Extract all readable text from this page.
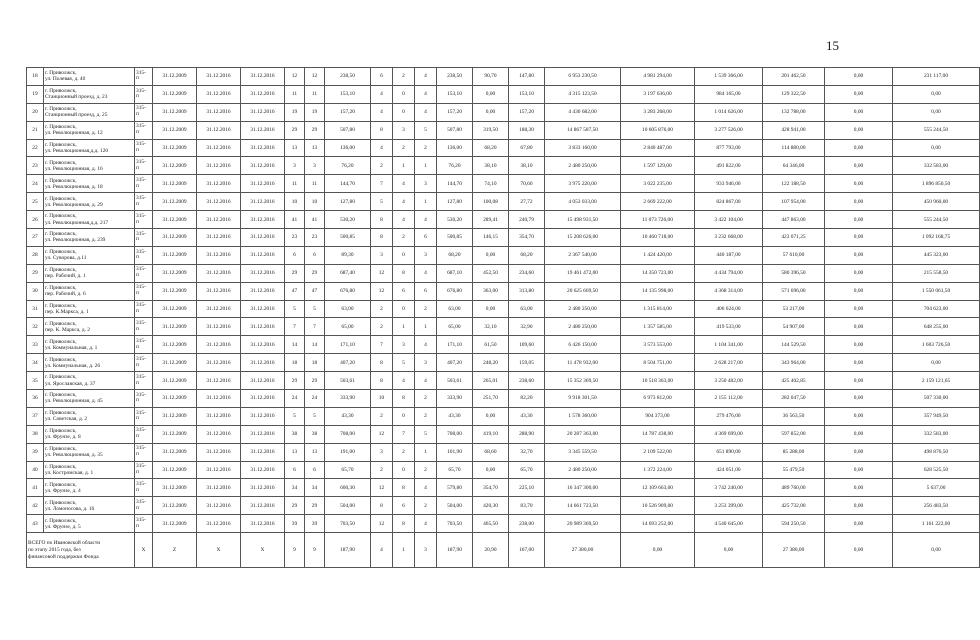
15
18	г. Приволжск,
ул. Полевая, д. 40	315-
п	31.12.2009	31.12.2016	31.12.2016	12	12	238,50	6	2	4	238,50	90,70	147,80	6 953 230,50	4 981 294,00	1 539 366,00	201 462,50	0,00	231 117,00
19	г. Приволжск,
Станционный проезд, д. 23	315-
п	31.12.2009	31.12.2016	31.12.2016	11	11	153,10	4	0	4	153,10	0,00	153,10	4 315 123,50	3 197 636,00	984 165,00	129 322,50	0,00	0,00
20	г. Приволжск,
Станционный проезд, д. 25	315-
п	31.12.2009	31.12.2016	31.12.2016	19	19	157,20	4	0	4	157,20	0,00	157,20	4 430 682,00	3 283 268,00	1 014 626,00	132 788,00	0,00	0,00
21	г. Приволжск,
ул. Революционная, д. 12	315-
п	31.12.2009	31.12.2016	31.12.2016	29	29	507,80	8	3	5	507,80	319,50	188,30	14 867 587,50	10 605 876,00	3 277 526,00	428 941,00	0,00	555 244,50
22	г. Приволжск,
ул. Революционная,д.д. 120	315-
п	31.12.2009	31.12.2016	31.12.2016	13	13	136,00	4	2	2	136,00	68,20	67,80	3 833 160,00	2 840 487,00	877 793,00	114 880,00	0,00	0,00
23	г. Приволжск,
ул. Революционная, д. 16	315-
п	31.12.2009	31.12.2016	31.12.2016	3	3	76,20	2	1	1	76,20	38,10	38,10	2 480 250,00	1 597 129,00	491 822,00	64 346,00	0,00	332 583,00
24	г. Приволжск,
ул. Революционная, д. 18	315-
п	31.12.2009	31.12.2016	31.12.2016	11	11	144,70	7	4	3	144,70	74,10	70,60	3 975 220,00	3 022 235,00	933 946,00	122 188,50	0,00	1 896 850,50
25	г. Приволжск,
ул. Революционная, д. 29	315-
п	31.12.2009	31.12.2016	31.12.2016	10	10	127,80	5	4	1	127,80	100,08	27,72	4 053 033,00	2 669 222,00	824 867,00	107 954,00	0,00	450 960,00
26	г. Приволжск,
ул. Революционная,д.д. 217	315-
п	31.12.2009	31.12.2016	31.12.2016	41	41	530,20	8	4	4	530,20	289,41	240,79	15 498 931,50	11 073 726,00	3 422 104,00	447 863,00	0,00	555 244,50
27	г. Приволжск,
ул. Революционная, д. 239	315-
п	31.12.2009	31.12.2016	31.12.2016	23	23	500,85	8	2	6	500,85	146,15	354,70	15 208 626,00	10 460 718,00	3 232 668,00	423 071,25	0,00	1 092 168,75
28	г. Приволжск,
ул. Суворова, д.11	315-
п	31.12.2009	31.12.2016	31.12.2016	6	6	89,30	3	0	3	68,20	0,00	68,20	2 367 540,00	1 424 420,00	440 187,00	57 610,00	0,00	445 323,00
29	г. Приволжск,
пер. Рабочий, д. 1	315-
п	31.12.2009	31.12.2016	31.12.2016	29	29	687,40	12	8	4	687,10	452,50	234,60	19 461 472,00	14 350 723,00	4 434 794,00	580 396,50	0,00	215 558,50
30	г. Приволжск,
пер. Рабочий, д. 6	315-
п	31.12.2009	31.12.2016	31.12.2016	47	47	676,80	12	6	6	676,80	363,00	313,80	20 625 669,50	14 135 998,00	4 368 314,00	571 696,00	0,00	1 550 061,50
31	г. Приволжск,
пер. К.Маркса, д. 1	315-
п	31.12.2009	31.12.2016	31.12.2016	5	5	63,00	2	0	2	63,00	0,00	63,00	2 480 250,00	1 315 814,00	406 624,00	53 217,00	0,00	704 623,00
32	г. Приволжск,
пер. К. Маркса, д. 2	315-
п	31.12.2009	31.12.2016	31.12.2016	7	7	65,00	2	1	1	65,00	32,10	32,90	2 480 250,00	1 357 585,00	419 533,00	54 907,00	0,00	648 255,00
33	г. Приволжск,
ул. Коммунальная, д. 1	315-
п	31.12.2009	31.12.2016	31.12.2016	14	14	171,10	7	3	4	171,10	61,50	109,60	6 426 150,00	3 573 553,00	1 104 341,00	144 529,50	0,00	1 603 726,50
34	г. Приволжск,
ул. Коммунальная, д. 26	315-
п	31.12.2009	31.12.2016	31.12.2016	18	18	407,20	8	5	3	407,20	248,20	159,05	11 478 932,00	8 504 751,00	2 628 217,00	343 964,00	0,00	0,00
35	г. Приволжск,
ул. Ярославская, д. 37	315-
п	31.12.2009	31.12.2016	31.12.2016	29	29	503,61	8	4	4	503,61	265,01	238,60	15 352 369,50	10 518 363,00	3 250 482,00	425 402,85	0,00	2 159 121,65
36	г. Приволжск,
ул. Революционная, д. 45	315-
п	31.12.2009	31.12.2016	31.12.2016	24	24	333,90	10	8	2	333,90	251,70	82,20	9 918 301,50	6 973 812,00	2 155 112,00	282 047,50	0,00	507 330,00
37	г. Приволжск,
ул. Советская, д. 2	315-
п	31.12.2009	31.12.2016	31.12.2016	5	5	43,30	2	0	2	43,30	0,00	43,30	1 578 360,00	904 373,00	279 476,00	36 563,50	0,00	357 949,50
38	г. Приволжск,
ул. Фрунзе, д. 8	315-
п	31.12.2009	31.12.2016	31.12.2016	38	38	708,00	12	7	5	708,00	419,10	288,90	20 287 363,00	14 787 438,00	4 369 699,00	597 852,00	0,00	332 583,00
39	г. Приволжск,
ул. Революционная, д. 35	315-
п	31.12.2009	31.12.2016	31.12.2016	13	13	191,00	3	2	1	101,90	68,60	32,70	3 345 559,50	2 109 522,00	651 890,00	85 288,00	0,00	498 876,50
40	г. Приволжск,
ул. Костромская, д. 1	315-
п	31.12.2009	31.12.2016	31.12.2016	6	6	65,70	2	0	2	65,70	0,00	65,70	2 480 250,00	1 372 224,00	424 051,00	55 479,50	0,00	628 525,50
41	г. Приволжск,
ул. Фрунзе, д. 4	315-
п	31.12.2009	31.12.2016	31.12.2016	34	34	600,30	12	8	4	579,80	354,70	225,10	16 347 300,00	12 109 663,00	3 742 240,00	489 760,00	0,00	5 637,00
42	г. Приволжск,
ул. Ломоносова, д. 16	315-
п	31.12.2009	31.12.2016	31.12.2016	29	29	504,00	8	6	2	504,00	420,30	83,70	14 661 723,50	10 526 909,00	3 253 399,00	425 732,00	0,00	256 483,50
43	г. Приволжск,
ул. Фрунзе, д. 5	315-
п	31.12.2009	31.12.2016	31.12.2016	39	39	703,50	12	8	4	703,50	465,50	238,00	20 989 369,50	14 693 252,00	4 540 645,00	594 250,50	0,00	1 161 222,00
ВСЕГО по Ивановской области
по этапу 2015 года, без
финансовой поддержки Фонда		X	Z	X	X	9	9	187,90	4	1	3	187,90	20,90	167,00	27 380,00	0,00	0,00	27 380,00	0,00	0,00
